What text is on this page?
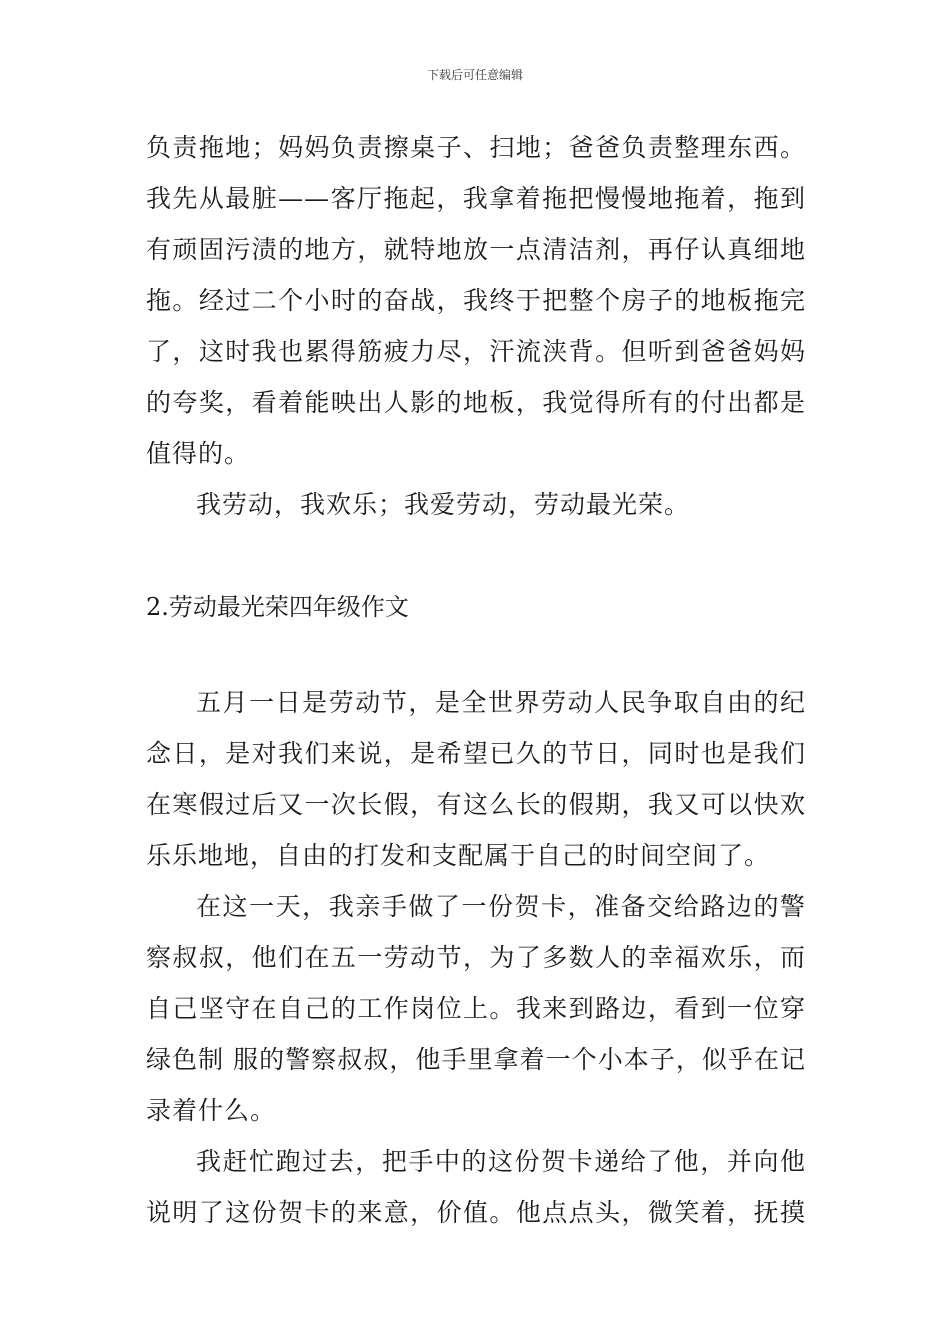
下载后可任意编辑
负责拖地；妈妈负责擦桌子、扫地；爸爸负责整理东西。
我先从最脏——客厅拖起，我拿着拖把慢慢地拖着，拖到
有顽固污渍的地方，就特地放一点清洁剂，再仔认真细地
拖。经过二个小时的奋战，我终于把整个房子的地板拖完
了，这时我也累得筋疲力尽，汗流浃背。但听到爸爸妈妈
的夸奖，看着能映出人影的地板，我觉得所有的付出都是
值得的。
我劳动，我欢乐；我爱劳动，劳动最光荣。
2.劳动最光荣四年级作文
五月一日是劳动节，是全世界劳动人民争取自由的纪
念日，是对我们来说，是希望已久的节日，同时也是我们
在寒假过后又一次长假，有这么长的假期，我又可以快欢
乐乐地地，自由的打发和支配属于自己的时间空间了。
在这一天，我亲手做了一份贺卡，准备交给路边的警
察叔叔，他们在五一劳动节，为了多数人的幸福欢乐，而
自己坚守在自己的工作岗位上。我来到路边，看到一位穿
绿色制 服的警察叔叔，他手里拿着一个小本子，似乎在记
录着什么。
我赶忙跑过去，把手中的这份贺卡递给了他，并向他
说明了这份贺卡的来意，价值。他点点头，微笑着，抚摸
